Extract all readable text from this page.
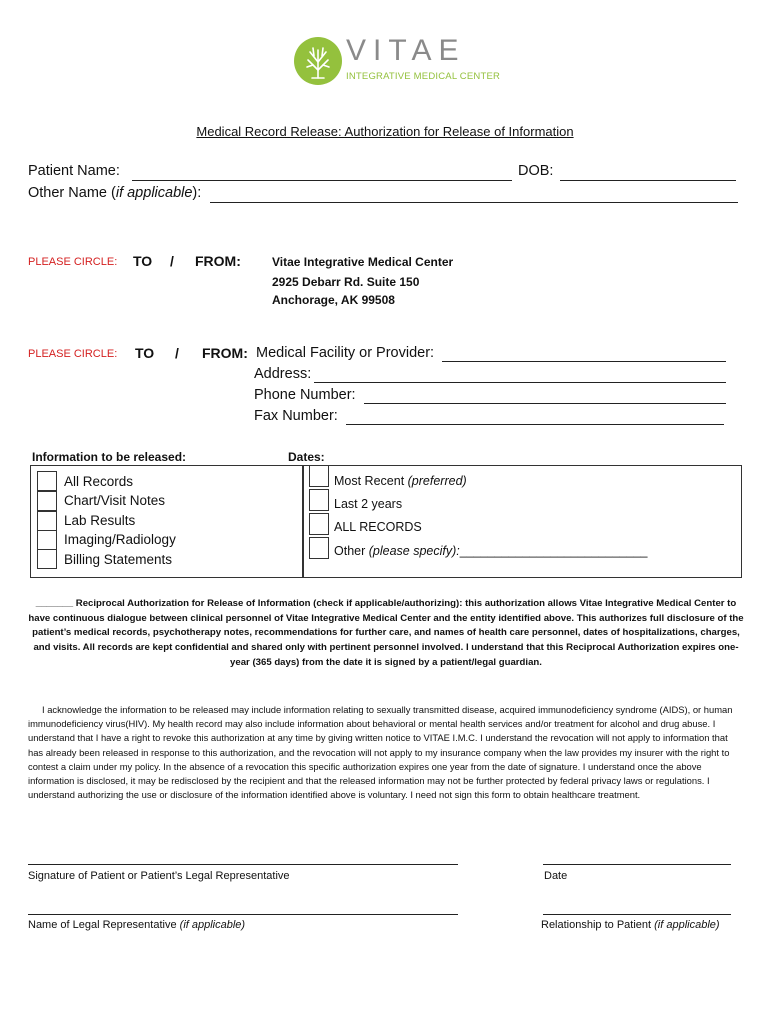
VITAE
INTEGRATIVE MEDICAL CENTER
Medical Record Release: Authorization for Release of Information
Patient Name:	DOB:
Other Name (if applicable):
PLEASE CIRCLE: TO / FROM:	Vitae Integrative Medical Center
2925 Debarr Rd. Suite 150
Anchorage, AK 99508
PLEASE CIRCLE: TO / FROM: Medical Facility or Provider:
Address:
Phone Number:
Fax Number:
Information to be released:	Dates:
All Records
Chart/Visit Notes
Lab Results
Imaging/Radiology
Billing Statements
Most Recent (preferred)
Last 2 years
ALL RECORDS
Other (please specify):___________________________
_______ Reciprocal Authorization for Release of Information (check if applicable/authorizing): this authorization allows Vitae Integrative Medical Center to have continuous dialogue between clinical personnel of Vitae Integrative Medical Center and the entity identified above. This authorizes full disclosure of the patient’s medical records, psychotherapy notes, recommendations for further care, and names of health care personnel, dates of hospitalizations, charges, and visits. All records are kept confidential and shared only with pertinent personnel involved. I understand that this Reciprocal Authorization expires one-year (365 days) from the date it is signed by a patient/legal guardian.
I acknowledge the information to be released may include information relating to sexually transmitted disease, acquired immunodeficiency syndrome (AIDS), or human immunodeficiency virus(HIV). My health record may also include information about behavioral or mental health services and/or treatment for alcohol and drug abuse. I understand that I have a right to revoke this authorization at any time by giving written notice to VITAE I.M.C. I understand the revocation will not apply to information that has already been released in response to this authorization, and the revocation will not apply to my insurance company when the law provides my insurer with the right to contest a claim under my policy. In the absence of a revocation this specific authorization expires one year from the date of signature. I understand once the above information is disclosed, it may be redisclosed by the recipient and that the released information may not be further protected by federal privacy laws or regulations. I understand authorizing the use or disclosure of the information identified above is voluntary. I need not sign this form to obtain healthcare treatment.
Signature of Patient or Patient’s Legal Representative	Date
Name of Legal Representative (if applicable)	Relationship to Patient (if applicable)
